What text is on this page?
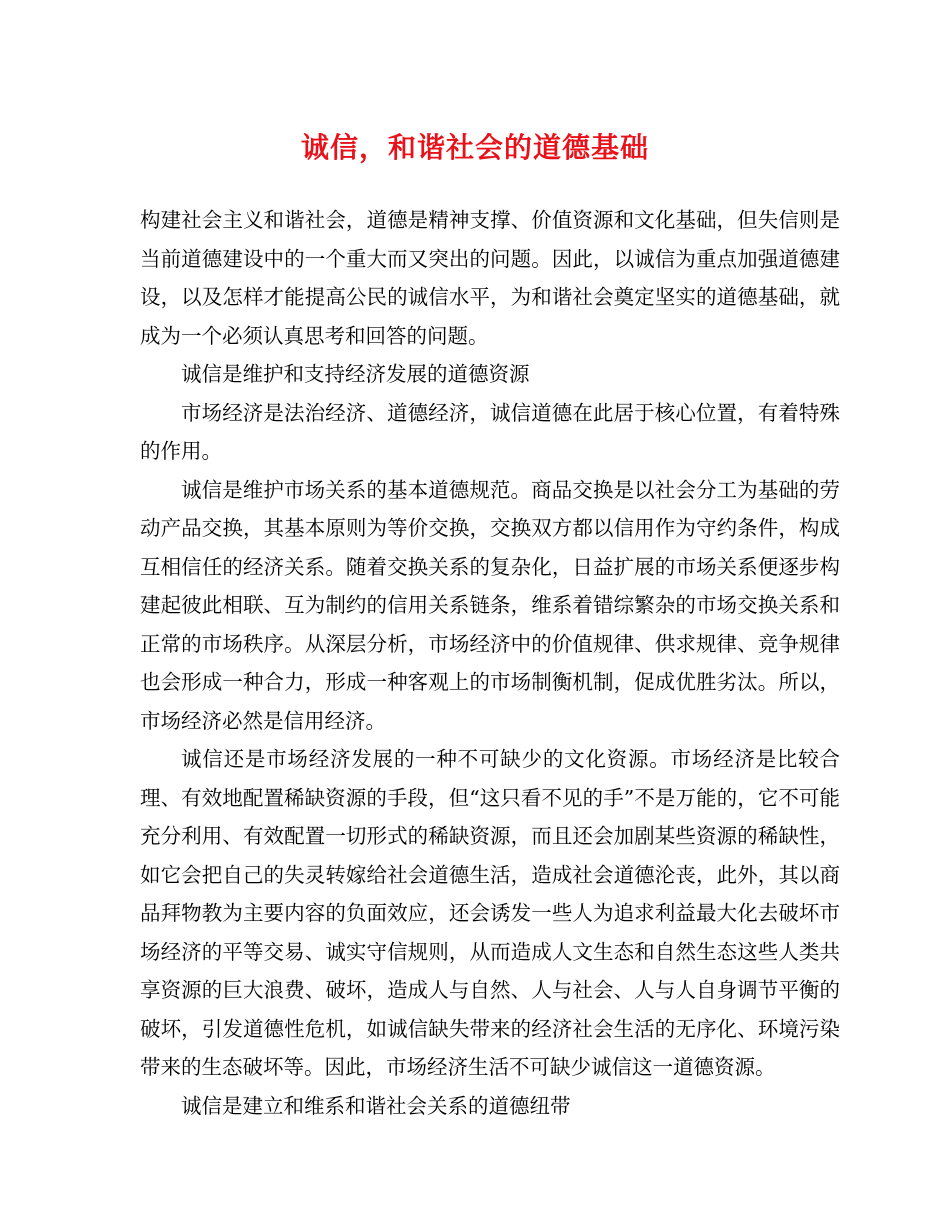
诚信，和谐社会的道德基础

构建社会主义和谐社会，道德是精神支撑、价值资源和文化基础，但失信则是当前道德建设中的一个重大而又突出的问题。因此，以诚信为重点加强道德建设，以及怎样才能提高公民的诚信水平，为和谐社会奠定坚实的道德基础，就成为一个必须认真思考和回答的问题。

诚信是维护和支持经济发展的道德资源

市场经济是法治经济、道德经济，诚信道德在此居于核心位置，有着特殊的作用。

诚信是维护市场关系的基本道德规范。商品交换是以社会分工为基础的劳动产品交换，其基本原则为等价交换，交换双方都以信用作为守约条件，构成互相信任的经济关系。随着交换关系的复杂化，日益扩展的市场关系便逐步构建起彼此相联、互为制约的信用关系链条，维系着错综繁杂的市场交换关系和正常的市场秩序。从深层分析，市场经济中的价值规律、供求规律、竞争规律也会形成一种合力，形成一种客观上的市场制衡机制，促成优胜劣汰。所以，市场经济必然是信用经济。

诚信还是市场经济发展的一种不可缺少的文化资源。市场经济是比较合理、有效地配置稀缺资源的手段，但“这只看不见的手”不是万能的，它不可能充分利用、有效配置一切形式的稀缺资源，而且还会加剧某些资源的稀缺性，如它会把自己的失灵转嫁给社会道德生活，造成社会道德沦丧，此外，其以商品拜物教为主要内容的负面效应，还会诱发一些人为追求利益最大化去破坏市场经济的平等交易、诚实守信规则，从而造成人文生态和自然生态这些人类共享资源的巨大浪费、破坏，造成人与自然、人与社会、人与人自身调节平衡的破坏，引发道德性危机，如诚信缺失带来的经济社会生活的无序化、环境污染带来的生态破坏等。因此，市场经济生活不可缺少诚信这一道德资源。

诚信是建立和维系和谐社会关系的道德纽带
